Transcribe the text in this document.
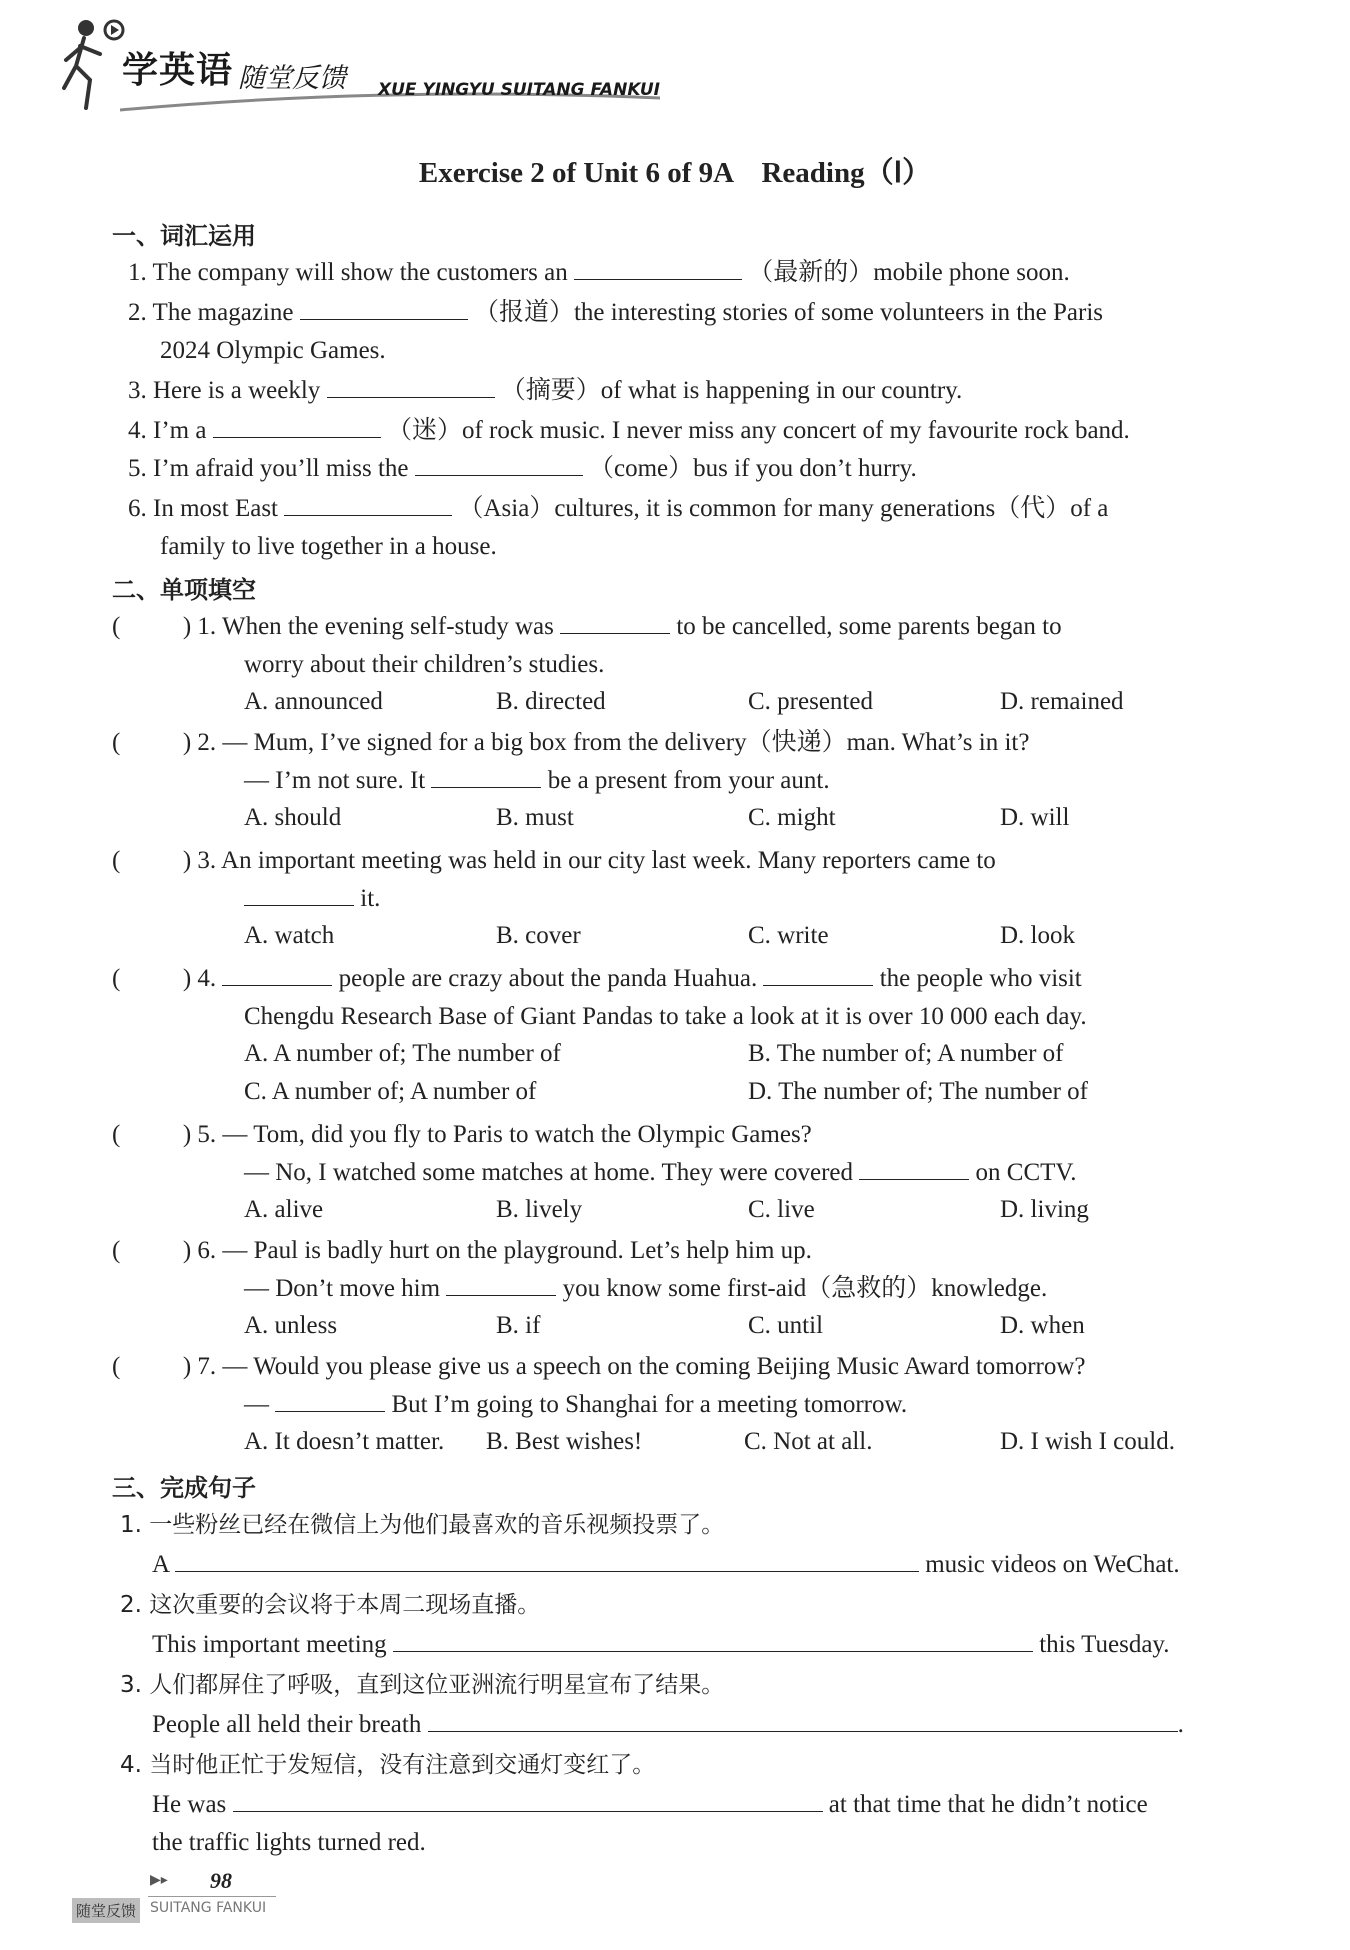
学英语 随堂反馈 XUE YINGYU SUITANG FANKUI
Exercise 2 of Unit 6 of 9A　Reading（Ⅰ）
一、词汇运用
1. The company will show the customers an	（最新的）mobile phone soon.
2. The magazine	（报道）the interesting stories of some volunteers in the Paris
2024 Olympic Games.
3. Here is a weekly	（摘要）of what is happening in our country.
4. I’m a	（迷）of rock music. I never miss any concert of my favourite rock band.
5. I’m afraid you’ll miss the	（come）bus if you don’t hurry.
6. In most East	（Asia）cultures, it is common for many generations（代）of a
family to live together in a house.
二、单项填空
(	) 1. When the evening self-study was	to be cancelled, some parents began to
worry about their children’s studies.
A. announced	B. directed	C. presented	D. remained
(	) 2. — Mum, I’ve signed for a big box from the delivery（快递）man. What’s in it?
— I’m not sure. It	be a present from your aunt.
A. should	B. must	C. might	D. will
(	) 3. An important meeting was held in our city last week. Many reporters came to
it.
A. watch	B. cover	C. write	D. look
(	) 4.	people are crazy about the panda Huahua.	the people who visit
Chengdu Research Base of Giant Pandas to take a look at it is over 10 000 each day.
A. A number of; The number of	B. The number of; A number of
C. A number of; A number of	D. The number of; The number of
(	) 5. — Tom, did you fly to Paris to watch the Olympic Games?
— No, I watched some matches at home. They were covered	on CCTV.
A. alive	B. lively	C. live	D. living
(	) 6. — Paul is badly hurt on the playground. Let’s help him up.
— Don’t move him	you know some first-aid（急救的）knowledge.
A. unless	B. if	C. until	D. when
(	) 7. — Would you please give us a speech on the coming Beijing Music Award tomorrow?
—	But I’m going to Shanghai for a meeting tomorrow.
A. It doesn’t matter. B. Best wishes!	C. Not at all.	D. I wish I could.
三、完成句子
1. 一些粉丝已经在微信上为他们最喜欢的音乐视频投票了。
A	music videos on WeChat.
2. 这次重要的会议将于本周二现场直播。
This important meeting	this Tuesday.
3. 人们都屏住了呼吸，直到这位亚洲流行明星宣布了结果。
People all held their breath	.
4. 当时他正忙于发短信，没有注意到交通灯变红了。
He was	at that time that he didn’t notice
the traffic lights turned red.
▶▸ 98
随堂反馈 SUITANG FANKUI
